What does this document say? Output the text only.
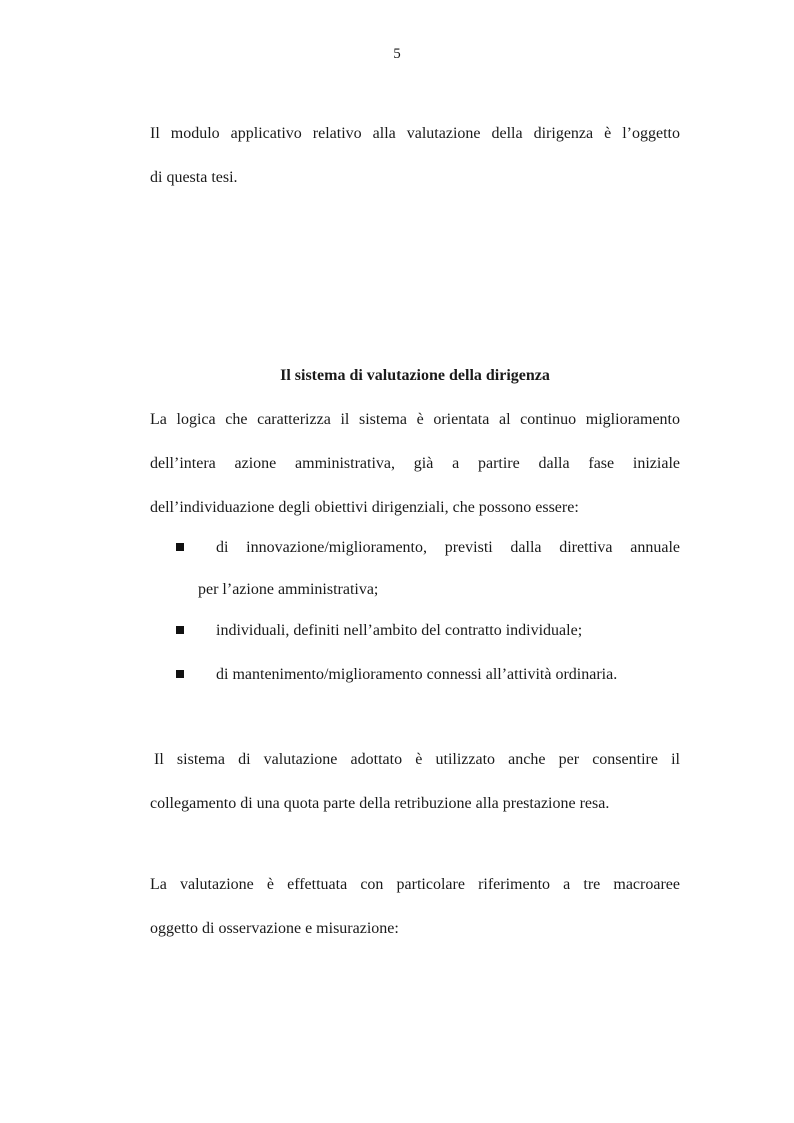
5

Il modulo applicativo relativo alla valutazione della dirigenza è l’oggetto

di questa tesi.

Il sistema di valutazione della dirigenza

La logica che caratterizza il sistema è orientata al continuo miglioramento

dell’intera azione amministrativa, già a partire dalla fase iniziale

dell’individuazione degli obiettivi dirigenziali, che possono essere:

di innovazione/miglioramento, previsti dalla direttiva annuale

per l’azione amministrativa;

individuali, definiti nell’ambito del contratto individuale;

di mantenimento/miglioramento connessi all’attività ordinaria.

Il sistema di valutazione adottato è utilizzato anche per consentire il

collegamento di una quota parte della retribuzione alla prestazione resa.

La valutazione è effettuata con particolare riferimento a tre macroaree

oggetto di osservazione e misurazione:
